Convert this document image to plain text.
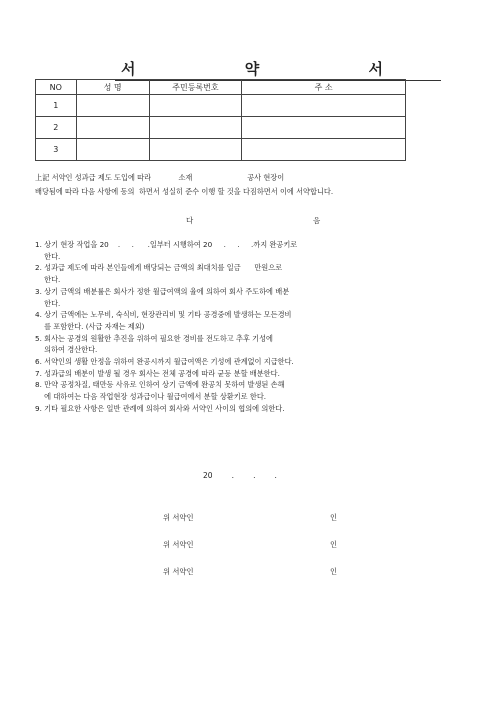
서 약 서
NO	성 명	주민등록번호	주 소
1			
2			
3			
上記 서약인 성과급 제도 도입에 따라            소재                        공사 현장이
배당됨에 따라 다음 사항에 동의  하면서 성실히 준수 이행 할 것을 다짐하면서 이에 서약합니다.
다	음
1. 상기 현장 작업을 20    .     .      .일부터 시행하여 20     .     .     .까지 완공키로
한다.
2. 성과급 제도에 따라 본인들에게 배당되는 금액의 최대치를 일금      만원으로
한다.
3. 상기 금액의 배분률은 회사가 정한 월급여액의 율에 의하여 회사 주도하에 배분
한다.
4. 상기 금액에는 노무비, 숙식비, 현장관리비 및 기타 공경중에 발생하는 모든경비
를 포함한다. (사급 자재는 제외)
5. 회사는 공경의 원활한 추진을 위하여 필요한 경비를 전도하고 추후 기성에
의하여 경산한다.
6. 서약인의 생활 안정을 위하여 완공시까지 월급여액은 기성에 관계없이 지급한다.
7. 성과급의 배분이 발생 될 경우 회사는 전체 공경에 따라 균등 분할 배분한다.
8. 만약 공정차질, 태만등 사유로 인하여 상기 금액에 완공치 못하여 발생된 손해
에 대하여는 다음 작업현장 성과급이나 월급여에서 분할 상환키로 한다.
9. 기타 필요한 사항은 일반 관례에 의하여 회사와 서약인 사이의 협의에 의한다.
20        .        .        .
위 서약인	인
위 서약인	인
위 서약인	인
